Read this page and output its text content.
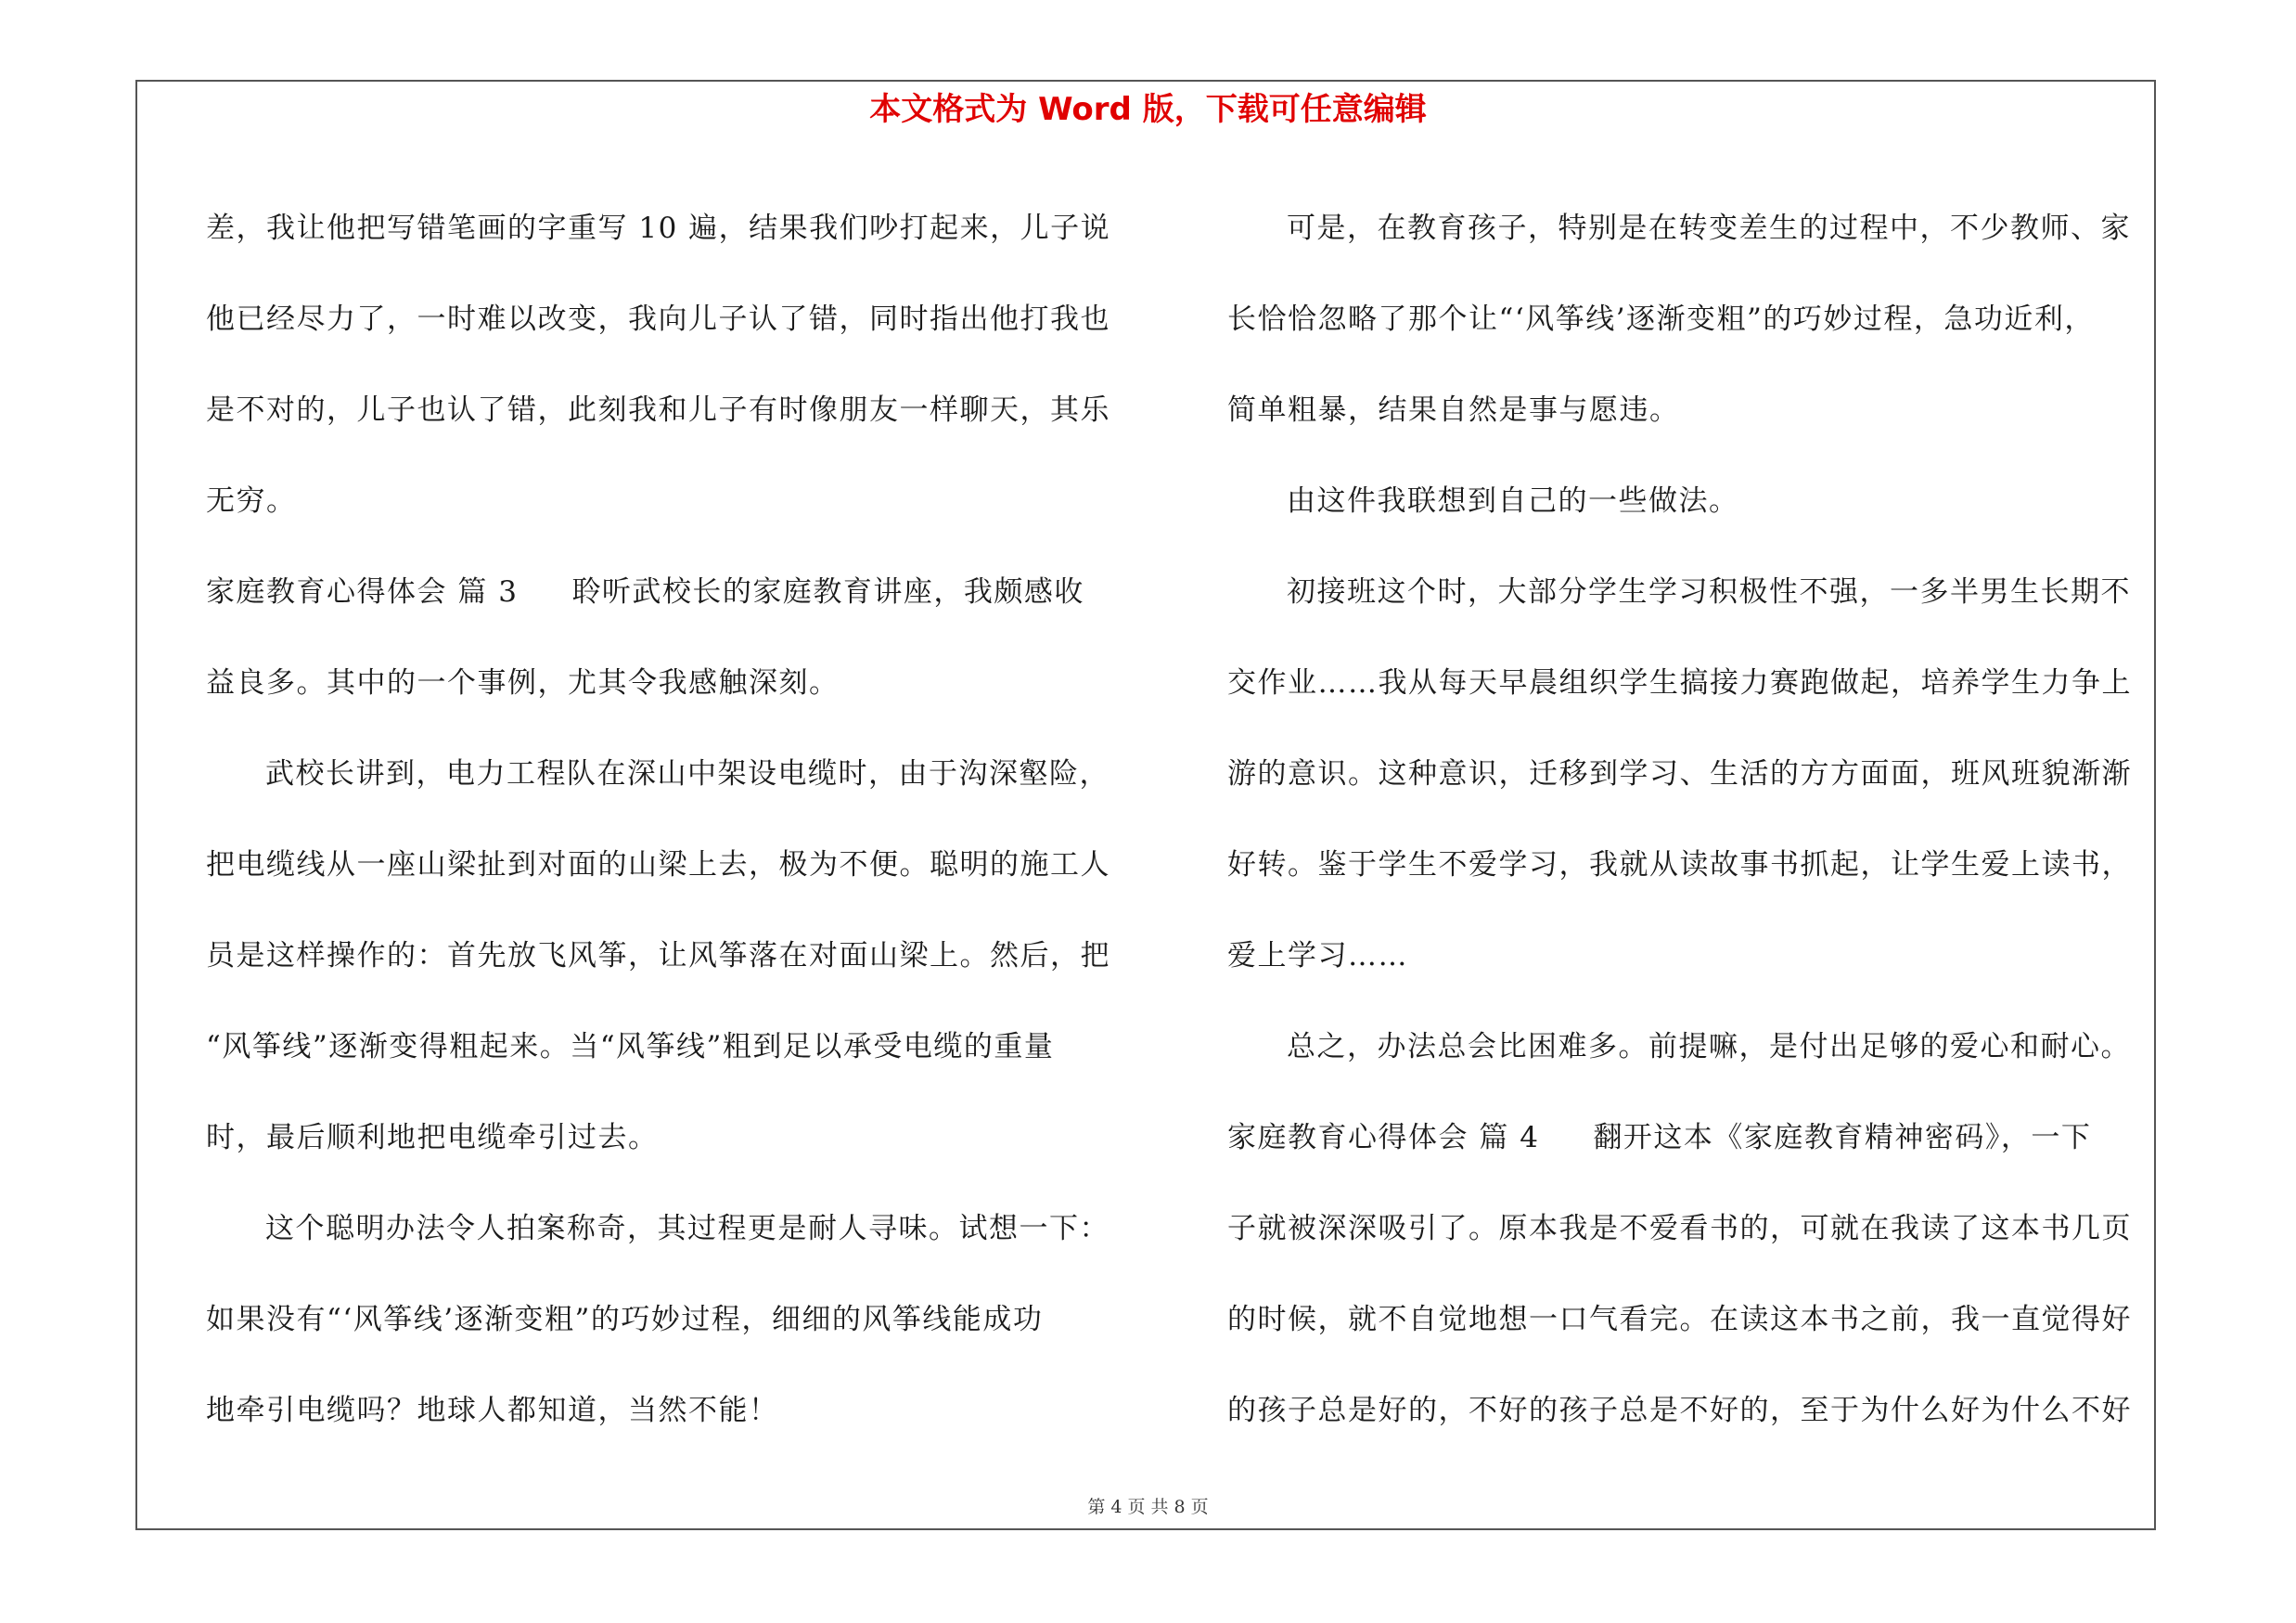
本文格式为 Word 版，下载可任意编辑
差，我让他把写错笔画的字重写 10 遍，结果我们吵打起来，儿子说
他已经尽力了，一时难以改变，我向儿子认了错，同时指出他打我也
是不对的，儿子也认了错，此刻我和儿子有时像朋友一样聊天，其乐
无穷。
家庭教育心得体会 篇 3 聆听武校长的家庭教育讲座，我颇感收
益良多。其中的一个事例，尤其令我感触深刻。
武校长讲到，电力工程队在深山中架设电缆时，由于沟深壑险，
把电缆线从一座山梁扯到对面的山梁上去，极为不便。聪明的施工人
员是这样操作的：首先放飞风筝，让风筝落在对面山梁上。然后，把
“风筝线”逐渐变得粗起来。当“风筝线”粗到足以承受电缆的重量
时，最后顺利地把电缆牵引过去。
这个聪明办法令人拍案称奇，其过程更是耐人寻味。试想一下：
如果没有“‘风筝线’逐渐变粗”的巧妙过程，细细的风筝线能成功
地牵引电缆吗？地球人都知道，当然不能！
可是，在教育孩子，特别是在转变差生的过程中，不少教师、家
长恰恰忽略了那个让“‘风筝线’逐渐变粗”的巧妙过程，急功近利，
简单粗暴，结果自然是事与愿违。
由这件我联想到自己的一些做法。
初接班这个时，大部分学生学习积极性不强，一多半男生长期不
交作业……我从每天早晨组织学生搞接力赛跑做起，培养学生力争上
游的意识。这种意识，迁移到学习、生活的方方面面，班风班貌渐渐
好转。鉴于学生不爱学习，我就从读故事书抓起，让学生爱上读书，
爱上学习……
总之，办法总会比困难多。前提嘛，是付出足够的爱心和耐心。
家庭教育心得体会 篇 4 翻开这本《家庭教育精神密码》，一下
子就被深深吸引了。原本我是不爱看书的，可就在我读了这本书几页
的时候，就不自觉地想一口气看完。在读这本书之前，我一直觉得好
的孩子总是好的，不好的孩子总是不好的，至于为什么好为什么不好
第 4 页 共 8 页
